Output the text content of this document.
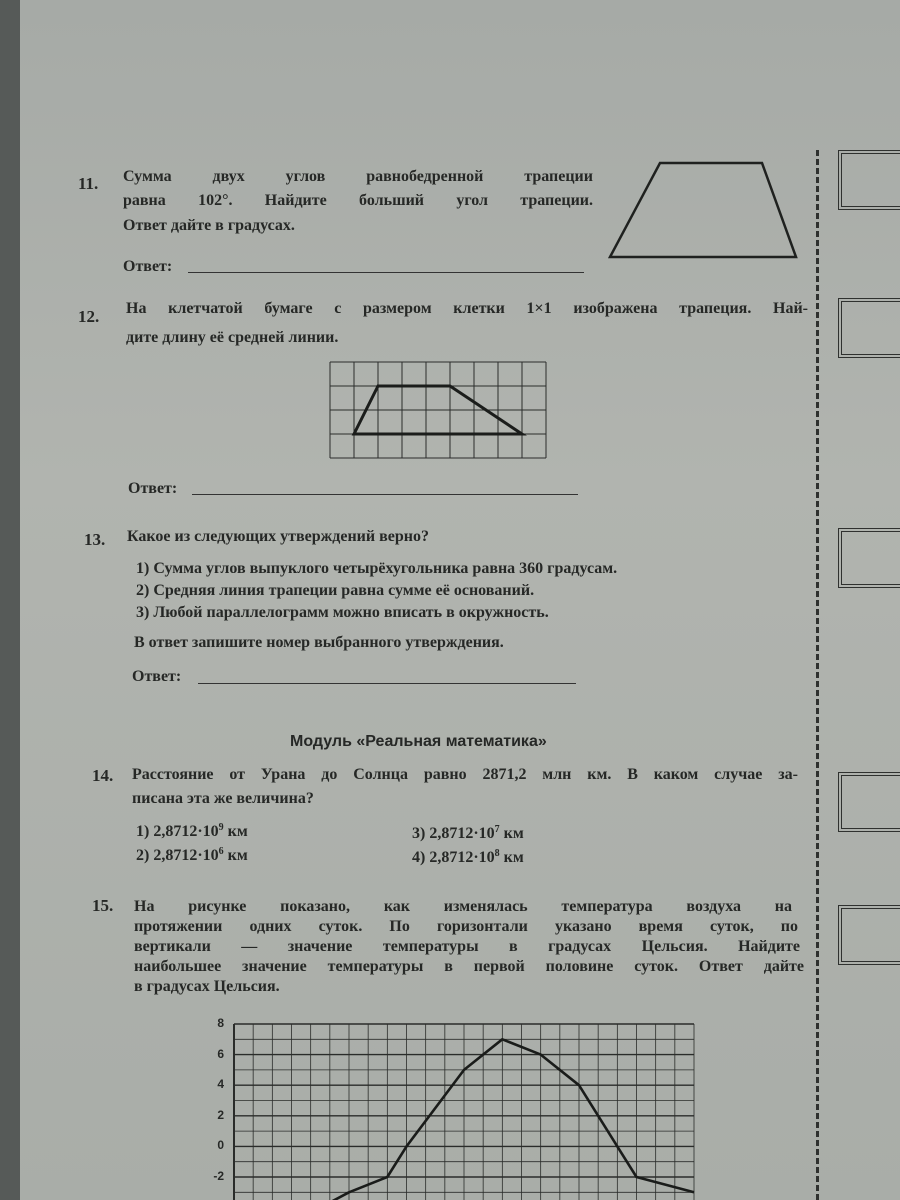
11. Сумма двух углов равнобедренной трапеции
равна 102°. Найдите больший угол трапеции.
Ответ дайте в градусах.
Ответ:
12. На клетчатой бумаге с размером клетки 1×1 изображена трапеция. Най-
дите длину её средней линии.
Ответ:
13. Какое из следующих утверждений верно?
1) Сумма углов выпуклого четырёхугольника равна 360 градусам.
2) Средняя линия трапеции равна сумме её оснований.
3) Любой параллелограмм можно вписать в окружность.
В ответ запишите номер выбранного утверждения.
Ответ:
Модуль «Реальная математика»
14. Расстояние от Урана до Солнца равно 2871,2 млн км. В каком случае за-
писана эта же величина?
1) $2,8712\cdot 10^9$ км
2) $2,8712\cdot 10^6$ км
3) $2,8712\cdot 10^7$ км
4) $2,8712\cdot 10^8$ км
15. На рисунке показано, как изменялась температура воздуха на
протяжении одних суток. По горизонтали указано время суток, по
вертикали — значение температуры в градусах Цельсия. Найдите
наибольшее значение температуры в первой половине суток. Ответ дайте
в градусах Цельсия.
8
6
4
2
0
-2
